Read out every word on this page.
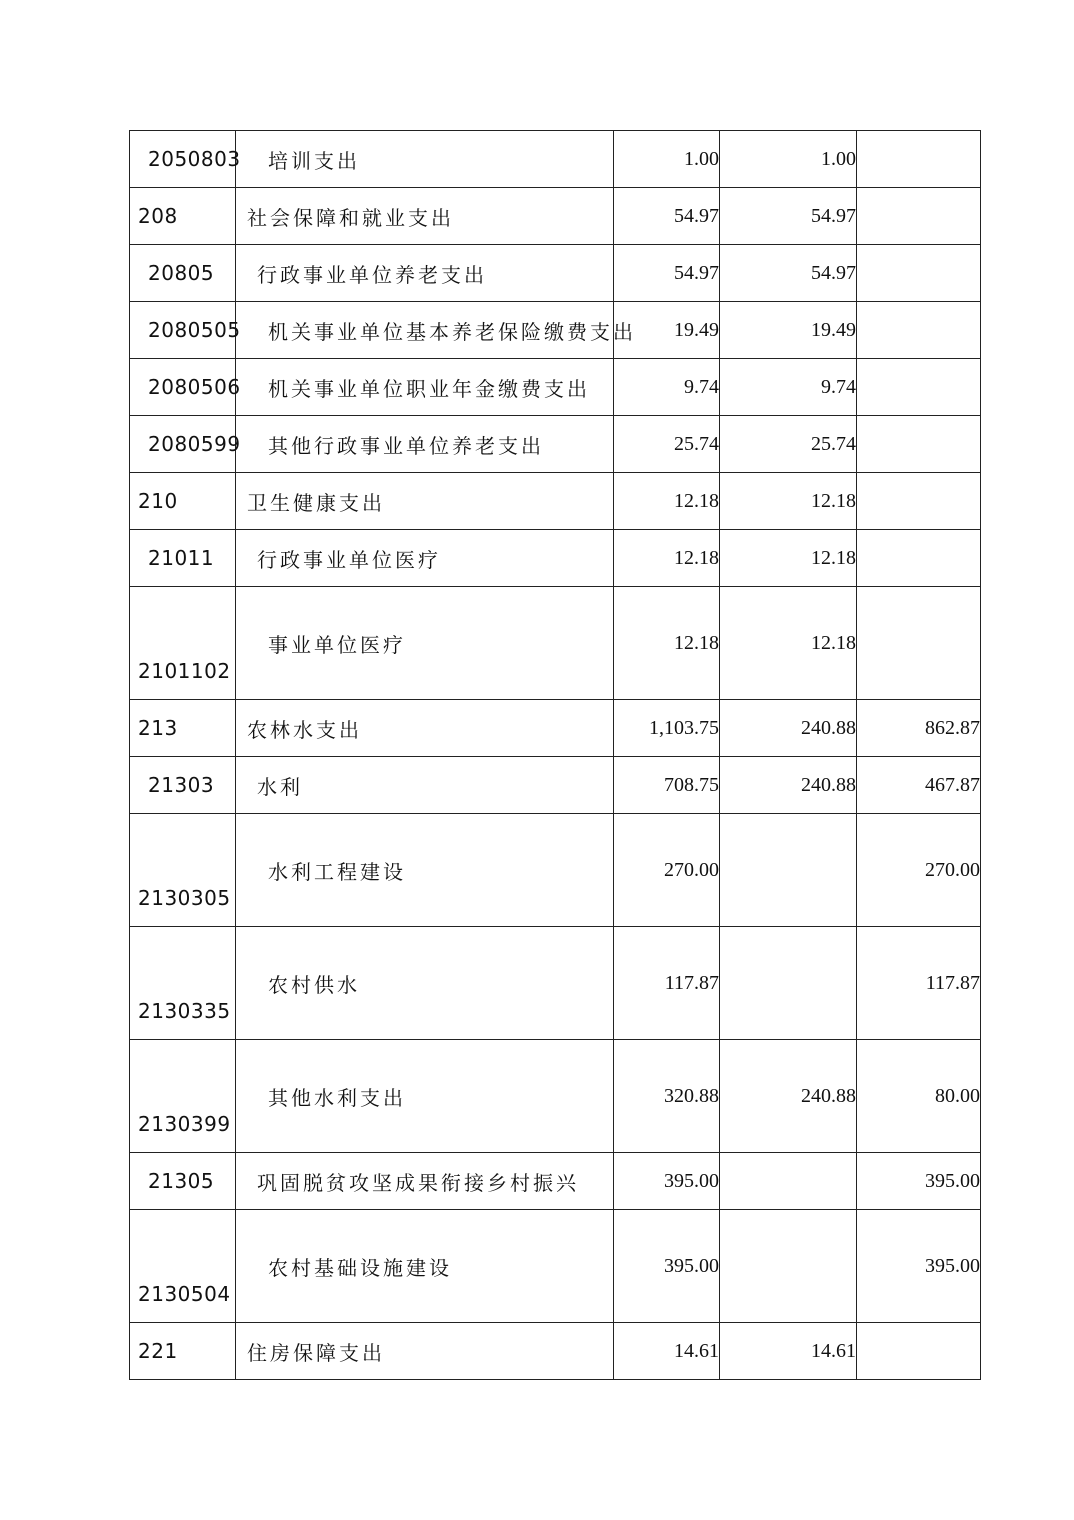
2050803	培训支出	1.00	1.00	
208	社会保障和就业支出	54.97	54.97	
20805	行政事业单位养老支出	54.97	54.97	
2080505	机关事业单位基本养老保险缴费支出	19.49	19.49	
2080506	机关事业单位职业年金缴费支出	9.74	9.74	
2080599	其他行政事业单位养老支出	25.74	25.74	
210	卫生健康支出	12.18	12.18	
21011	行政事业单位医疗	12.18	12.18	
2101102	事业单位医疗	12.18	12.18	
213	农林水支出	1,103.75	240.88	862.87
21303	水利	708.75	240.88	467.87
2130305	水利工程建设	270.00		270.00
2130335	农村供水	117.87		117.87
2130399	其他水利支出	320.88	240.88	80.00
21305	巩固脱贫攻坚成果衔接乡村振兴	395.00		395.00
2130504	农村基础设施建设	395.00		395.00
221	住房保障支出	14.61	14.61	
